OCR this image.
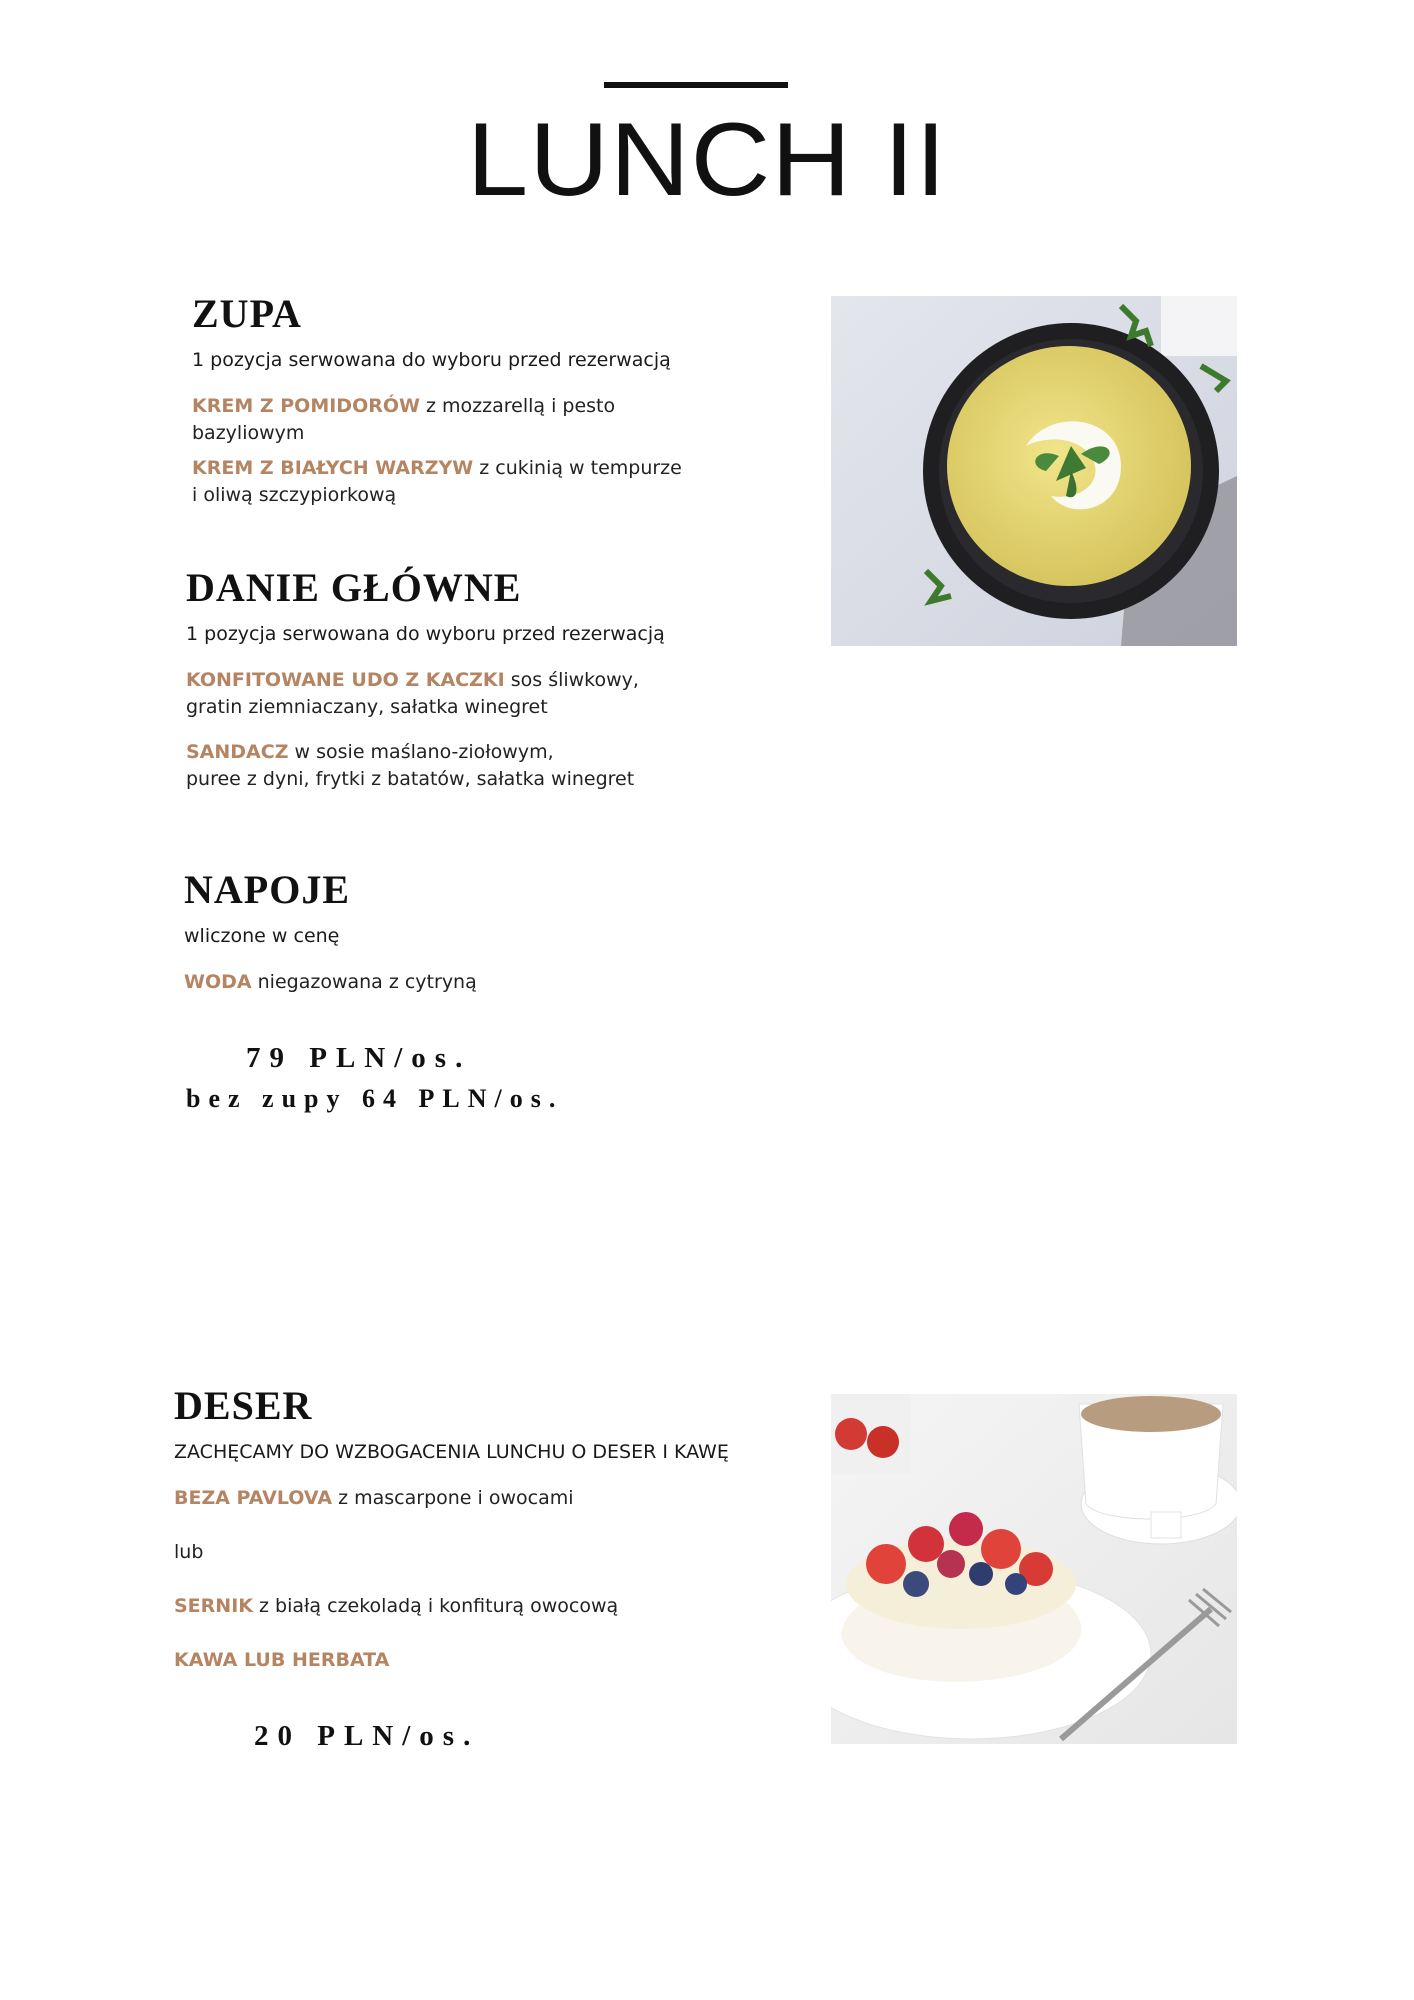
LUNCH II
ZUPA
1 pozycja serwowana do wyboru przed rezerwacją
KREM Z POMIDORÓW z mozzarellą i pesto
bazyliowym
KREM Z BIAŁYCH WARZYW z cukinią w tempurze
i oliwą szczypiorkową
DANIE GŁÓWNE
1 pozycja serwowana do wyboru przed rezerwacją
KONFITOWANE UDO Z KACZKI sos śliwkowy,
gratin ziemniaczany, sałatka winegret
SANDACZ w sosie maślano-ziołowym,
puree z dyni, frytki z batatów, sałatka winegret
NAPOJE
wliczone w cenę
WODA niegazowana z cytryną
79 PLN/os.
bez zupy 64 PLN/os.
DESER
ZACHĘCAMY DO WZBOGACENIA LUNCHU O DESER I KAWĘ
BEZA PAVLOVA z mascarpone i owocami
lub
SERNIK z białą czekoladą i konfiturą owocową
KAWA LUB HERBATA
20 PLN/os.
